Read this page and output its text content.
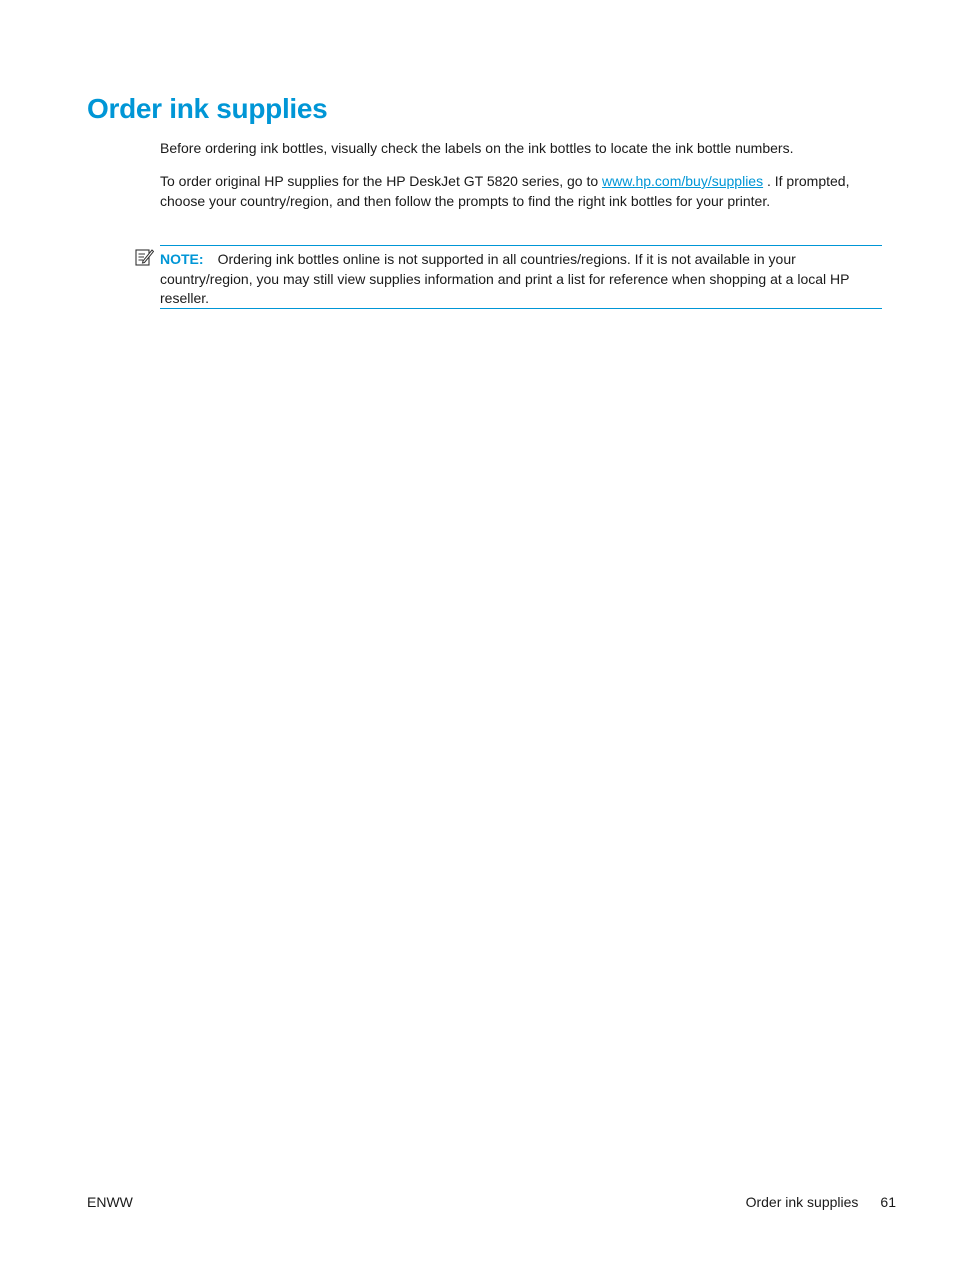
Order ink supplies

Before ordering ink bottles, visually check the labels on the ink bottles to locate the ink bottle numbers.

To order original HP supplies for the HP DeskJet GT 5820 series, go to www.hp.com/buy/supplies . If prompted, choose your country/region, and then follow the prompts to find the right ink bottles for your printer.

NOTE: Ordering ink bottles online is not supported in all countries/regions. If it is not available in your country/region, you may still view supplies information and print a list for reference when shopping at a local HP reseller.

ENWW	Order ink supplies 61
